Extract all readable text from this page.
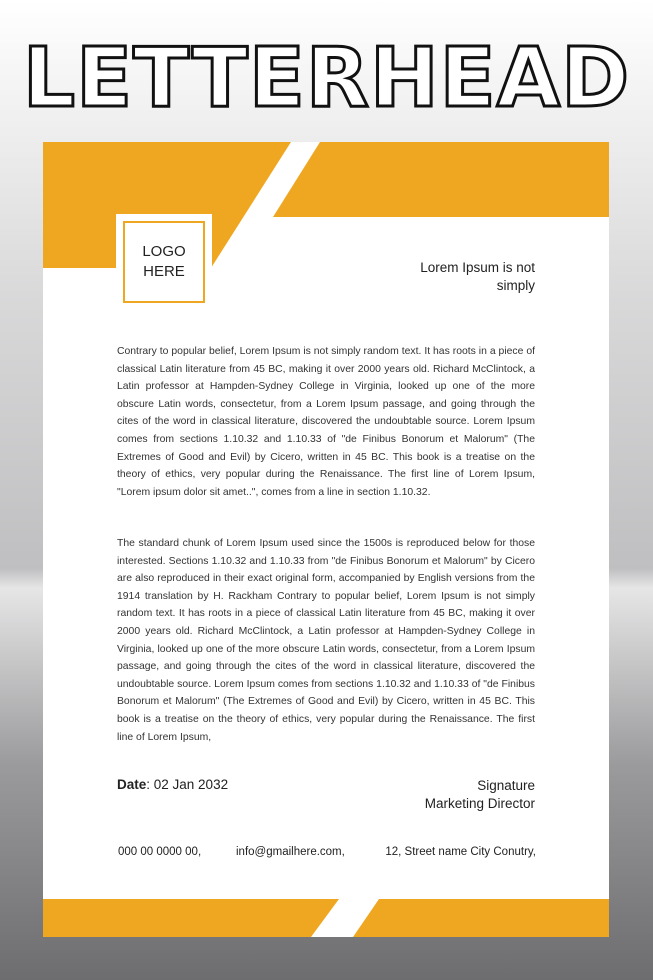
LETTERHEAD
LOGO
HERE	Lorem Ipsum is not
simply

Contrary to popular belief, Lorem Ipsum is not simply random text. It has roots in a piece of classical Latin literature from 45 BC, making it over 2000 years old. Richard McClintock, a Latin professor at Hampden-Sydney College in Virginia, looked up one of the more obscure Latin words, consectetur, from a Lorem Ipsum passage, and going through the cites of the word in classical literature, discovered the undoubtable source. Lorem Ipsum comes from sections 1.10.32 and 1.10.33 of "de Finibus Bonorum et Malorum" (The Extremes of Good and Evil) by Cicero, written in 45 BC. This book is a treatise on the theory of ethics, very popular during the Renaissance. The first line of Lorem Ipsum, "Lorem ipsum dolor sit amet..", comes from a line in section 1.10.32.

The standard chunk of Lorem Ipsum used since the 1500s is reproduced below for those interested. Sections 1.10.32 and 1.10.33 from "de Finibus Bonorum et Malorum" by Cicero are also reproduced in their exact original form, accompanied by English versions from the 1914 translation by H. Rackham Contrary to popular belief, Lorem Ipsum is not simply random text. It has roots in a piece of classical Latin literature from 45 BC, making it over 2000 years old. Richard McClintock, a Latin professor at Hampden-Sydney College in Virginia, looked up one of the more obscure Latin words, consectetur, from a Lorem Ipsum passage, and going through the cites of the word in classical literature, discovered the undoubtable source. Lorem Ipsum comes from sections 1.10.32 and 1.10.33 of "de Finibus Bonorum et Malorum" (The Extremes of Good and Evil) by Cicero, written in 45 BC. This book is a treatise on the theory of ethics, very popular during the Renaissance. The first line of Lorem Ipsum,

Date: 02 Jan 2032	Signature
Marketing Director
000 00 0000 00,	info@gmailhere.com,	12, Street name City Conutry,
